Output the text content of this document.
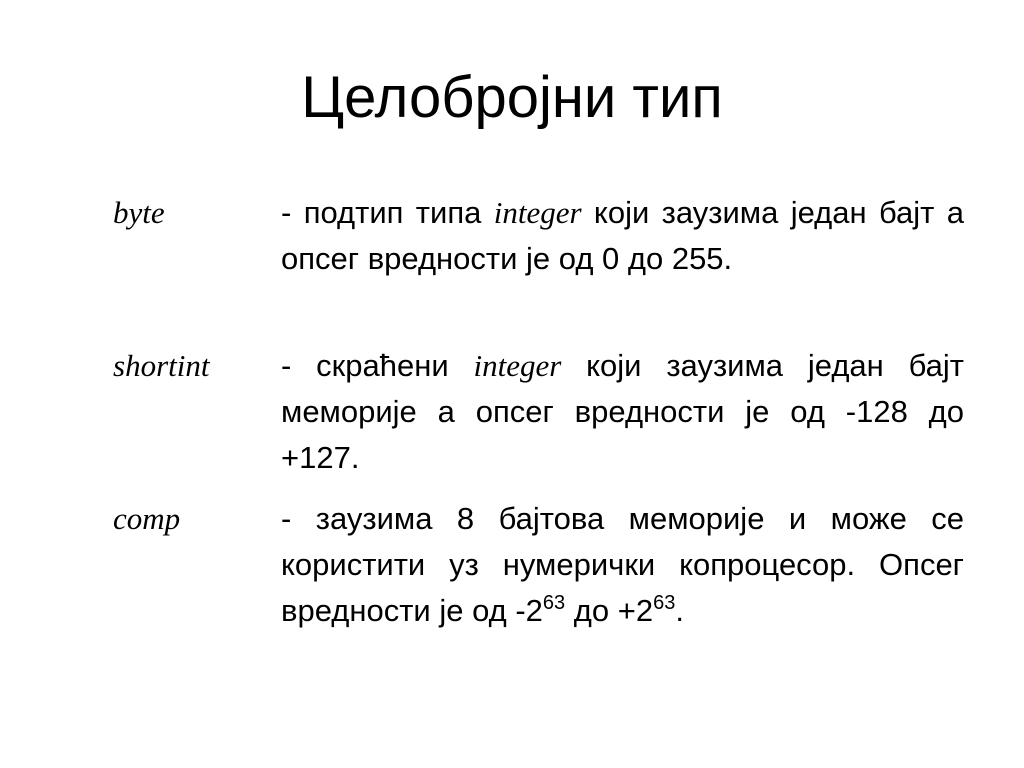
Целобројни тип
byte	- подтип типа integer који заузима један бајт а опсег вредности је од 0 до 255.

shortint - скраћени integer који заузима један бајт меморије а опсег вредности је од -128 до +127.

comp	- заузима 8 бајтова меморије и може се користити уз нумерички копроцесор. Опсег вредности је од $-2^{63}$ до $+2^{63}$.
